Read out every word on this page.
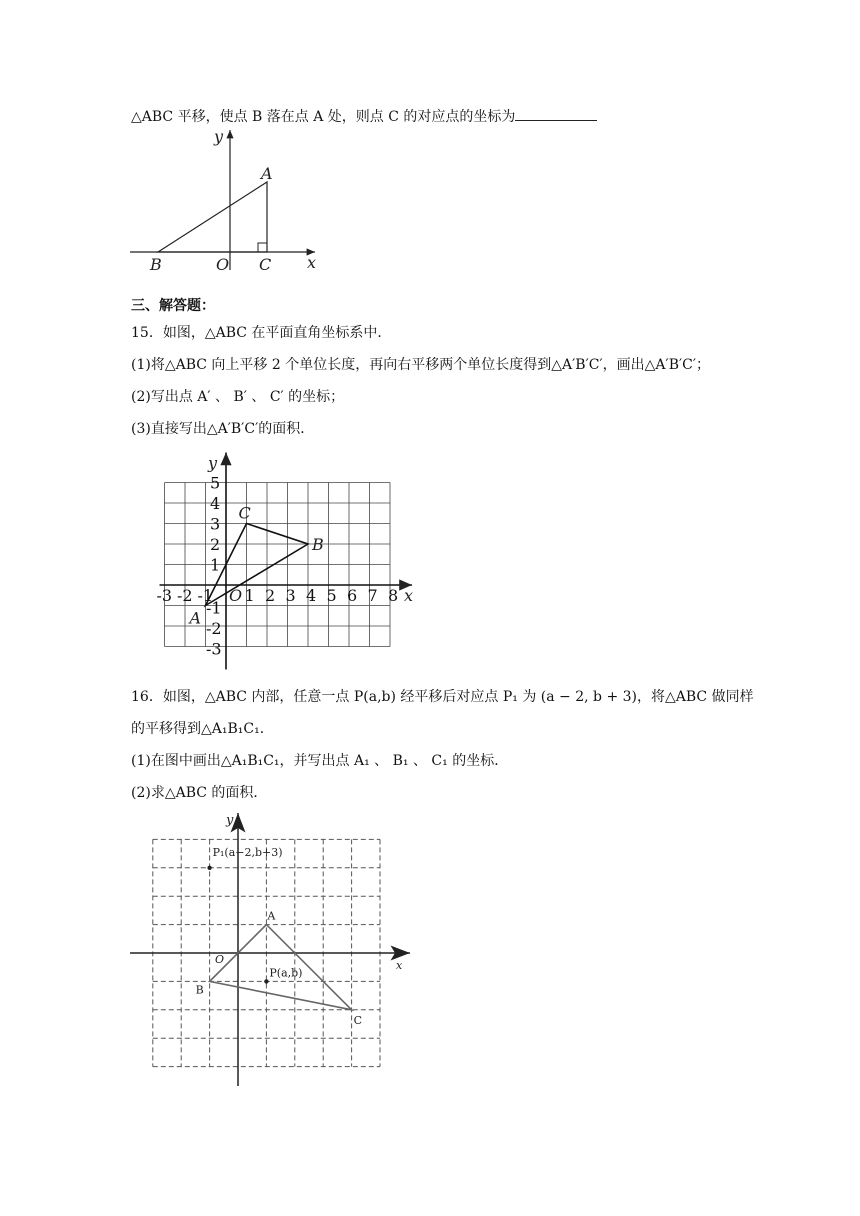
△ABC 平移，使点 B 落在点 A 处，则点 C 的对应点的坐标为
y
x
A
B	O C
三、解答题：
15．如图，△ABC 在平面直角坐标系中．
(1)将△ABC 向上平移 2 个单位长度，再向右平移两个单位长度得到△A′B′C′，画出△A′B′C′；
(2)写出点 A′ 、 B′ 、 C′ 的坐标；
(3)直接写出△A′B′C′的面积．
-3 -2 -1 1 2 3 4 5 6 7 8
5
4
3
2
1
-1
-2
-3
x
y
O
A
B
C
16．如图，△ABC 内部，任意一点 P(a,b) 经平移后对应点 P₁ 为 (a − 2, b + 3)，将△ABC 做同样
的平移得到△A₁B₁C₁．
(1)在图中画出△A₁B₁C₁，并写出点 A₁ 、 B₁ 、 C₁ 的坐标．
(2)求△ABC 的面积．
y
x
O
A
B
C
P(a,b)
P₁(a−2,b+3)
